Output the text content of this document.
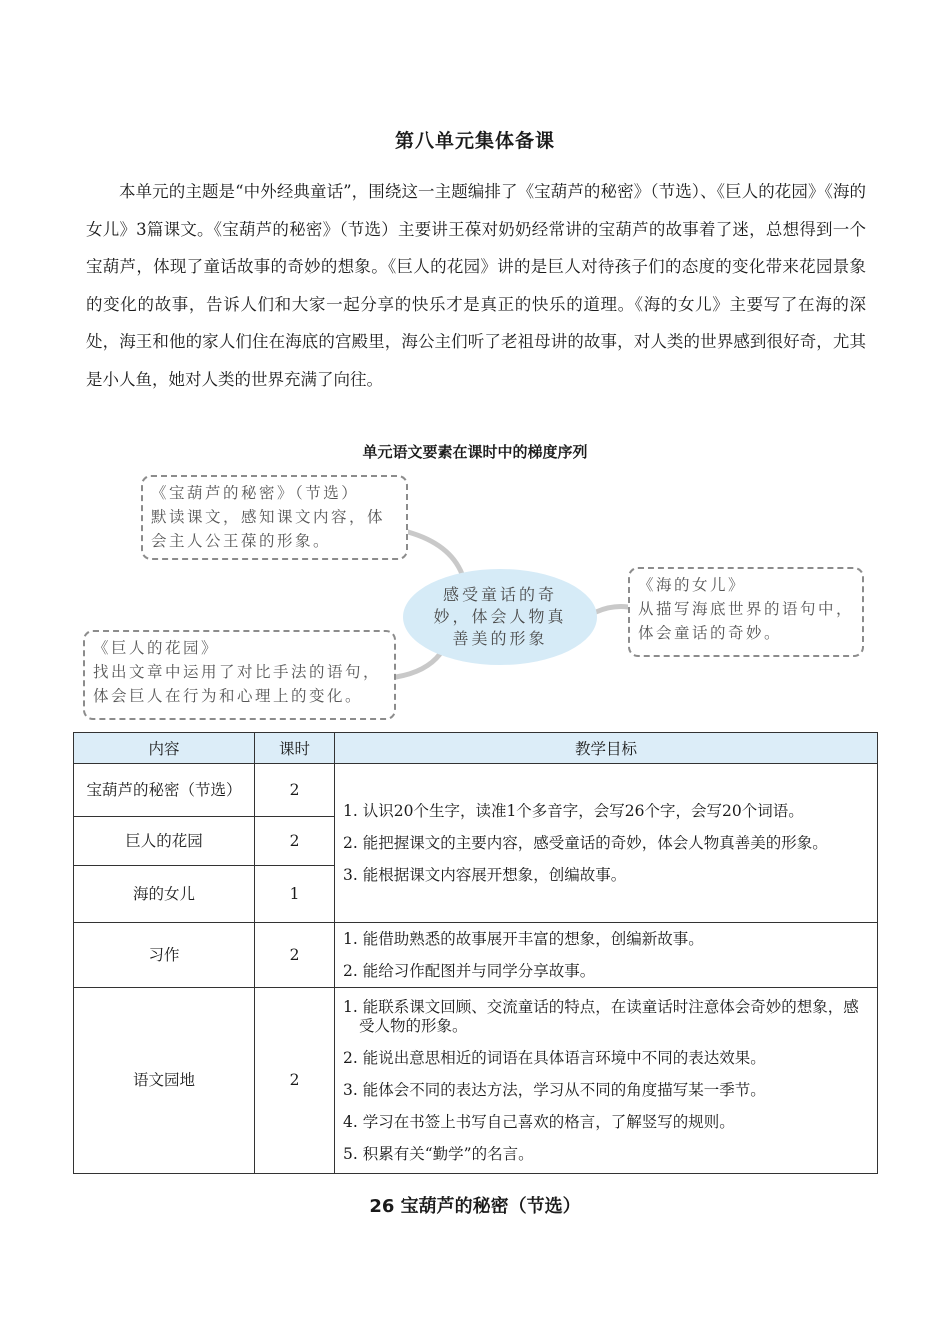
第八单元集体备课
本单元的主题是“中外经典童话”，围绕这一主题编排了《宝葫芦的秘密》（节选）、《巨人的花园》《海的女儿》3篇课文。《宝葫芦的秘密》（节选）主要讲王葆对奶奶经常讲的宝葫芦的故事着了迷，总想得到一个宝葫芦，体现了童话故事的奇妙的想象。《巨人的花园》讲的是巨人对待孩子们的态度的变化带来花园景象的变化的故事，告诉人们和大家一起分享的快乐才是真正的快乐的道理。《海的女儿》主要写了在海的深处，海王和他的家人们住在海底的宫殿里，海公主们听了老祖母讲的故事，对人类的世界感到很好奇，尤其是小人鱼，她对人类的世界充满了向往。
单元语文要素在课时中的梯度序列
《宝葫芦的秘密》（节选）
默读课文，感知课文内容，体会主人公王葆的形象。
《巨人的花园》
找出文章中运用了对比手法的语句，体会巨人在行为和心理上的变化。
《海的女儿》
从描写海底世界的语句中，体会童话的奇妙。
感受童话的奇妙，体会人物真善美的形象
内容	课时	教学目标
宝葫芦的秘密（节选）	2	1. 认识20个生字，读准1个多音字，会写26个字，会写20个词语。
2. 能把握课文的主要内容，感受童话的奇妙，体会人物真善美的形象。
3. 能根据课文内容展开想象，创编故事。

巨人的花园	2	
海的女儿	1	
习作	2	1. 能借助熟悉的故事展开丰富的想象，创编新故事。
2. 能给习作配图并与同学分享故事。

语文园地	2	1. 能联系课文回顾、交流童话的特点，在读童话时注意体会奇妙的想象，感受人物的形象。
2. 能说出意思相近的词语在具体语言环境中不同的表达效果。
3. 能体会不同的表达方法，学习从不同的角度描写某一季节。
4. 学习在书签上书写自己喜欢的格言，了解竖写的规则。
5. 积累有关“勤学”的名言。
26 宝葫芦的秘密（节选）
